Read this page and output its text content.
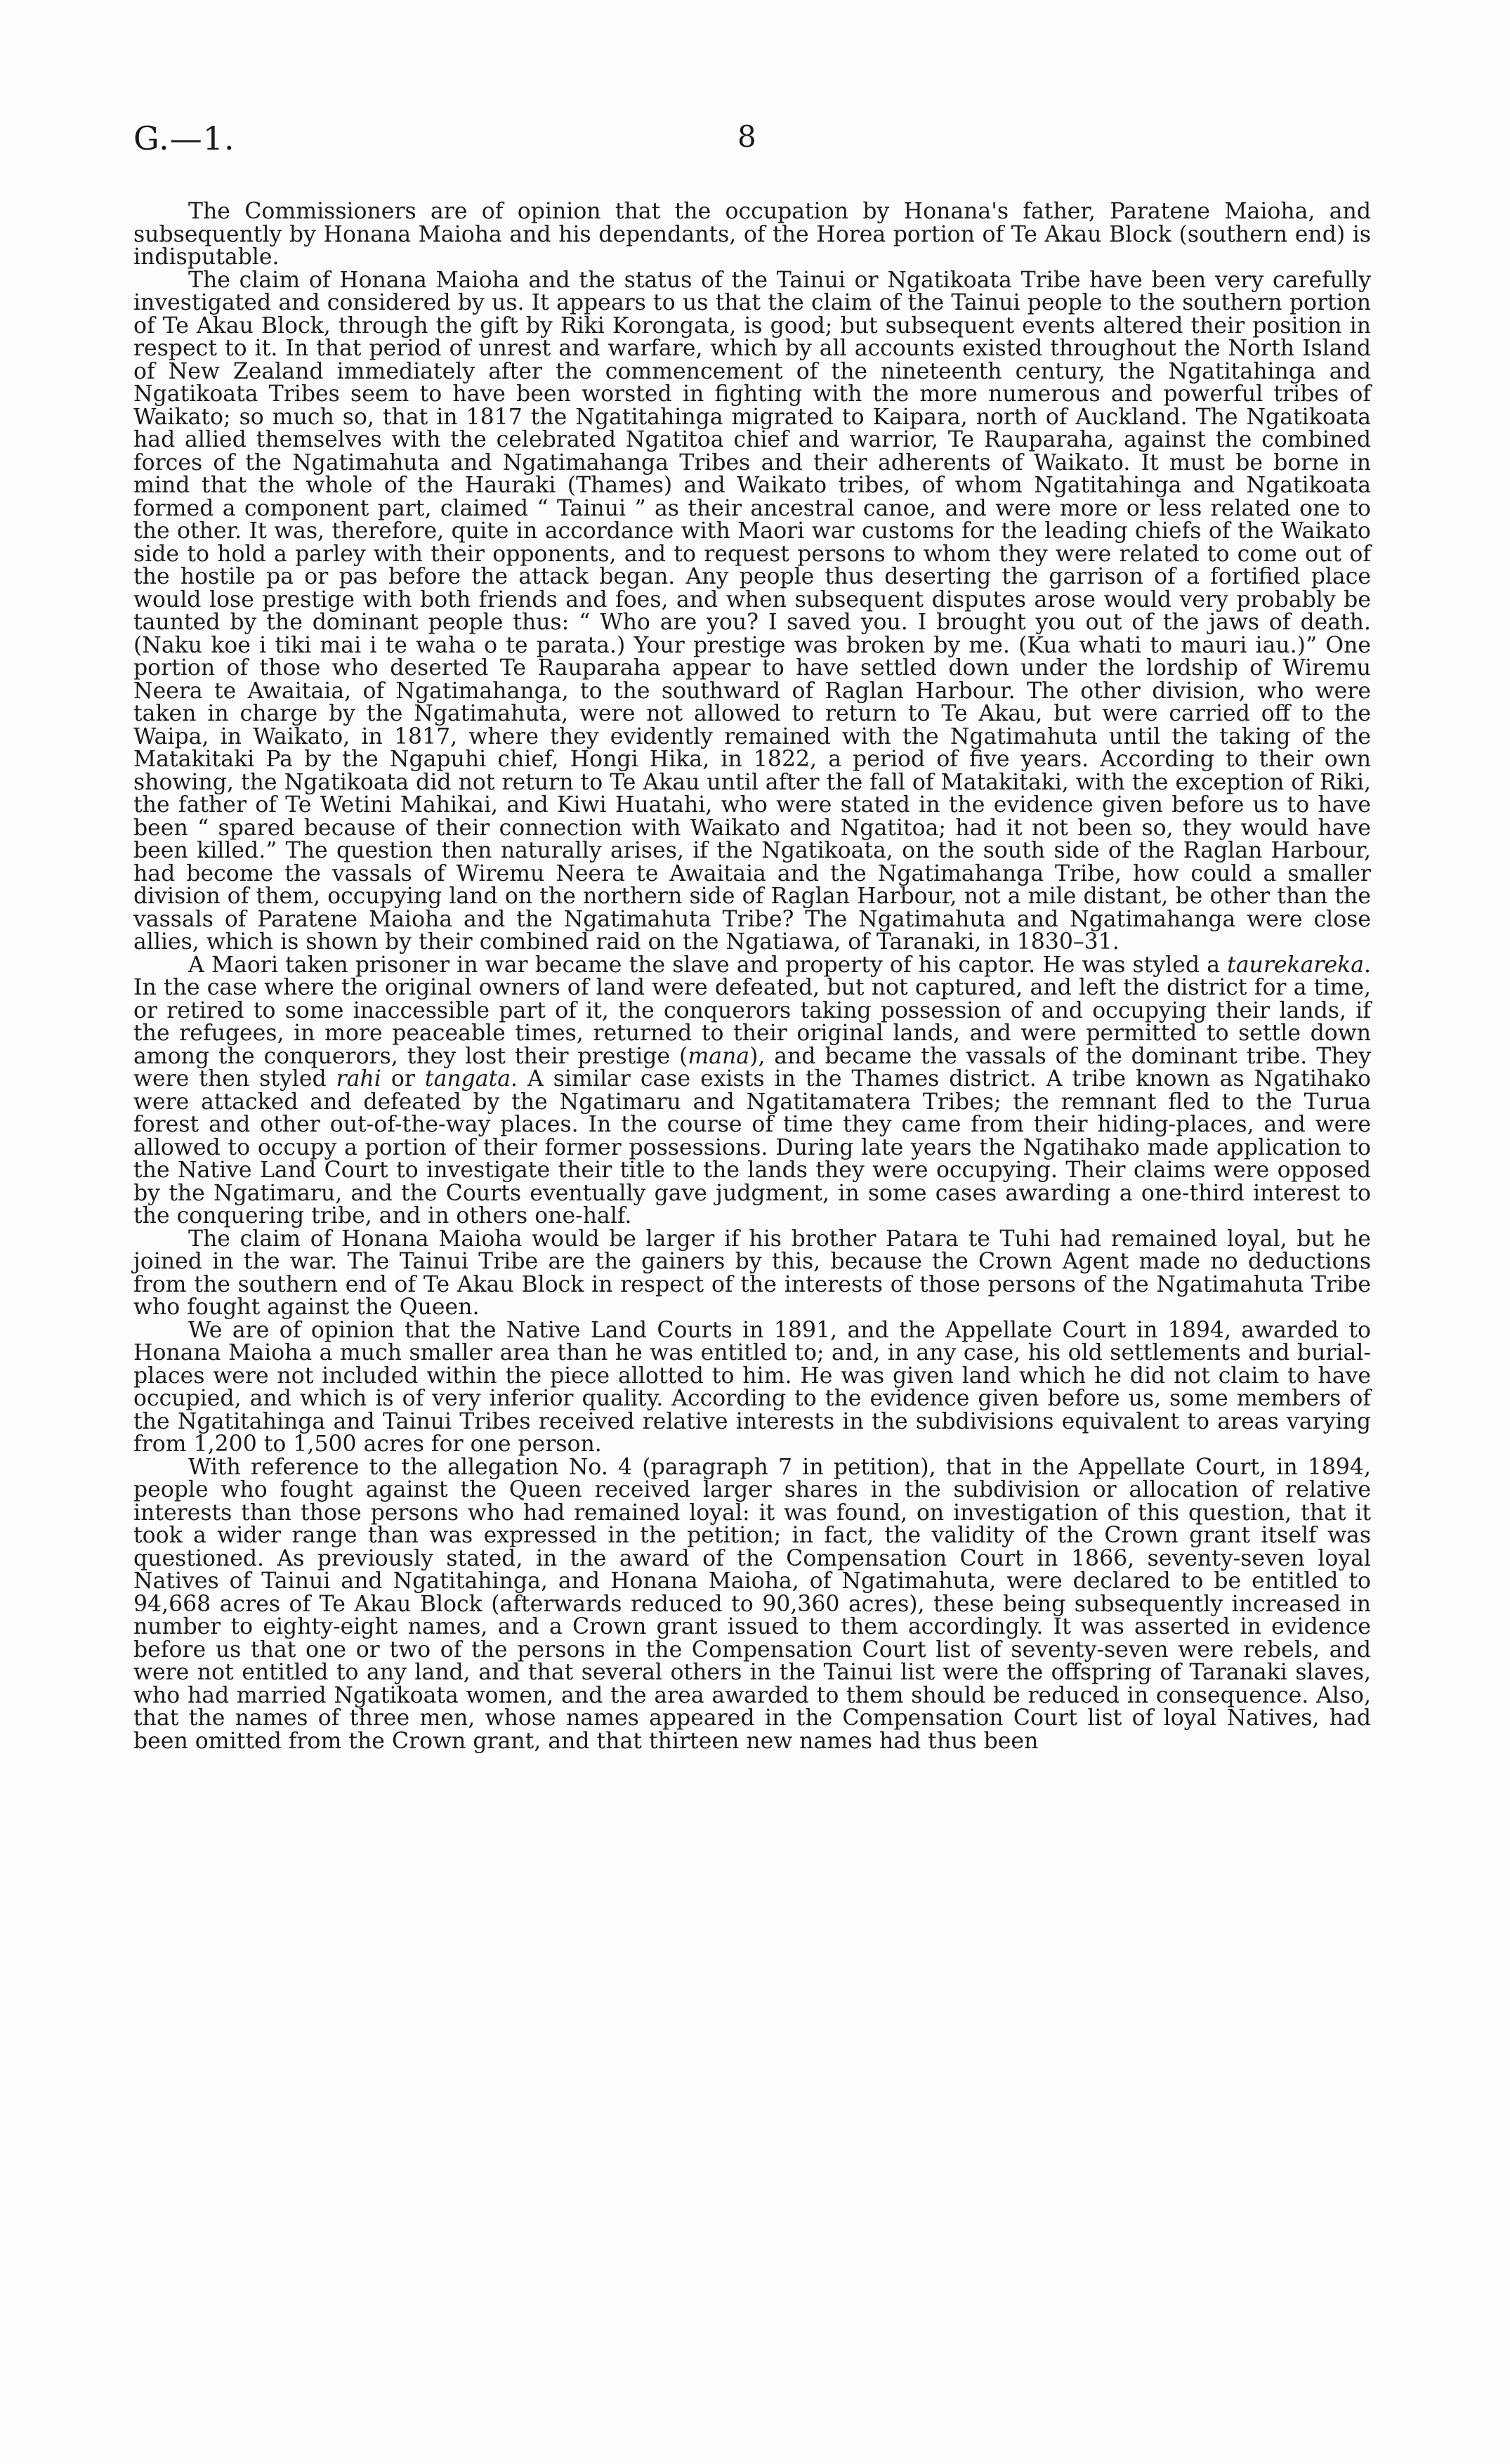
G.—1.	8

The Commissioners are of opinion that the occupation by Honana's father, Paratene Maioha, and subsequently by Honana Maioha and his dependants, of the Horea portion of Te Akau Block (southern end) is indisputable.

The claim of Honana Maioha and the status of the Tainui or Ngatikoata Tribe have been very carefully investigated and considered by us. It appears to us that the claim of the Tainui people to the southern portion of Te Akau Block, through the gift by Riki Korongata, is good; but subsequent events altered their position in respect to it. In that period of unrest and warfare, which by all accounts existed throughout the North Island of New Zealand immediately after the commencement of the nineteenth century, the Ngatitahinga and Ngatikoata Tribes seem to have been worsted in fighting with the more numerous and powerful tribes of Waikato; so much so, that in 1817 the Ngatitahinga migrated to Kaipara, north of Auckland. The Ngatikoata had allied themselves with the celebrated Ngatitoa chief and warrior, Te Rauparaha, against the combined forces of the Ngatimahuta and Ngatimahanga Tribes and their adherents of Waikato. It must be borne in mind that the whole of the Hauraki (Thames) and Waikato tribes, of whom Ngatitahinga and Ngatikoata formed a component part, claimed “ Tainui ” as their ancestral canoe, and were more or less related one to the other. It was, therefore, quite in accordance with Maori war customs for the leading chiefs of the Waikato side to hold a parley with their opponents, and to request persons to whom they were related to come out of the hostile pa or pas before the attack began. Any people thus deserting the garrison of a fortified place would lose prestige with both friends and foes, and when subsequent disputes arose would very probably be taunted by the dominant people thus: “ Who are you? I saved you. I brought you out of the jaws of death. (Naku koe i tiki mai i te waha o te parata.) Your prestige was broken by me. (Kua whati to mauri iau.)” One portion of those who deserted Te Rauparaha appear to have settled down under the lordship of Wiremu Neera te Awaitaia, of Ngatimahanga, to the southward of Raglan Harbour. The other division, who were taken in charge by the Ngatimahuta, were not allowed to return to Te Akau, but were carried off to the Waipa, in Waikato, in 1817, where they evidently remained with the Ngatimahuta until the taking of the Matakitaki Pa by the Ngapuhi chief, Hongi Hika, in 1822, a period of five years. According to their own showing, the Ngatikoata did not return to Te Akau until after the fall of Matakitaki, with the exception of Riki, the father of Te Wetini Mahikai, and Kiwi Huatahi, who were stated in the evidence given before us to have been “ spared because of their connection with Waikato and Ngatitoa; had it not been so, they would have been killed.” The question then naturally arises, if the Ngatikoata, on the south side of the Raglan Harbour, had become the vassals of Wiremu Neera te Awaitaia and the Ngatimahanga Tribe, how could a smaller division of them, occupying land on the northern side of Raglan Harbour, not a mile distant, be other than the vassals of Paratene Maioha and the Ngatimahuta Tribe? The Ngatimahuta and Ngatimahanga were close allies, which is shown by their combined raid on the Ngatiawa, of Taranaki, in 1830–31.

A Maori taken prisoner in war became the slave and property of his captor. He was styled a taurekareka. In the case where the original owners of land were defeated, but not captured, and left the district for a time, or retired to some inaccessible part of it, the conquerors taking possession of and occupying their lands, if the refugees, in more peaceable times, returned to their original lands, and were permitted to settle down among the conquerors, they lost their prestige (mana), and became the vassals of the dominant tribe. They were then styled rahi or tangata. A similar case exists in the Thames district. A tribe known as Ngatihako were attacked and defeated by the Ngatimaru and Ngatitamatera Tribes; the remnant fled to the Turua forest and other out-of-the-way places. In the course of time they came from their hiding-places, and were allowed to occupy a portion of their former possessions. During late years the Ngatihako made application to the Native Land Court to investigate their title to the lands they were occupying. Their claims were opposed by the Ngatimaru, and the Courts eventually gave judgment, in some cases awarding a one-third interest to the conquering tribe, and in others one-half.

The claim of Honana Maioha would be larger if his brother Patara te Tuhi had remained loyal, but he joined in the war. The Tainui Tribe are the gainers by this, because the Crown Agent made no deductions from the southern end of Te Akau Block in respect of the interests of those persons of the Ngatimahuta Tribe who fought against the Queen.

We are of opinion that the Native Land Courts in 1891, and the Appellate Court in 1894, awarded to Honana Maioha a much smaller area than he was entitled to; and, in any case, his old settlements and burial-places were not included within the piece allotted to him. He was given land which he did not claim to have occupied, and which is of very inferior quality. According to the evidence given before us, some members of the Ngatitahinga and Tainui Tribes received relative interests in the subdivisions equivalent to areas varying from 1,200 to 1,500 acres for one person.

With reference to the allegation No. 4 (paragraph 7 in petition), that in the Appellate Court, in 1894, people who fought against the Queen received larger shares in the subdivision or allocation of relative interests than those persons who had remained loyal: it was found, on investigation of this question, that it took a wider range than was expressed in the petition; in fact, the validity of the Crown grant itself was questioned. As previously stated, in the award of the Compensation Court in 1866, seventy-seven loyal Natives of Tainui and Ngatitahinga, and Honana Maioha, of Ngatimahuta, were declared to be entitled to 94,668 acres of Te Akau Block (afterwards reduced to 90,360 acres), these being subsequently increased in number to eighty-eight names, and a Crown grant issued to them accordingly. It was asserted in evidence before us that one or two of the persons in the Compensation Court list of seventy-seven were rebels, and were not entitled to any land, and that several others in the Tainui list were the offspring of Taranaki slaves, who had married Ngatikoata women, and the area awarded to them should be reduced in consequence. Also, that the names of three men, whose names appeared in the Compensation Court list of loyal Natives, had been omitted from the Crown grant, and that thirteen new names had thus been
